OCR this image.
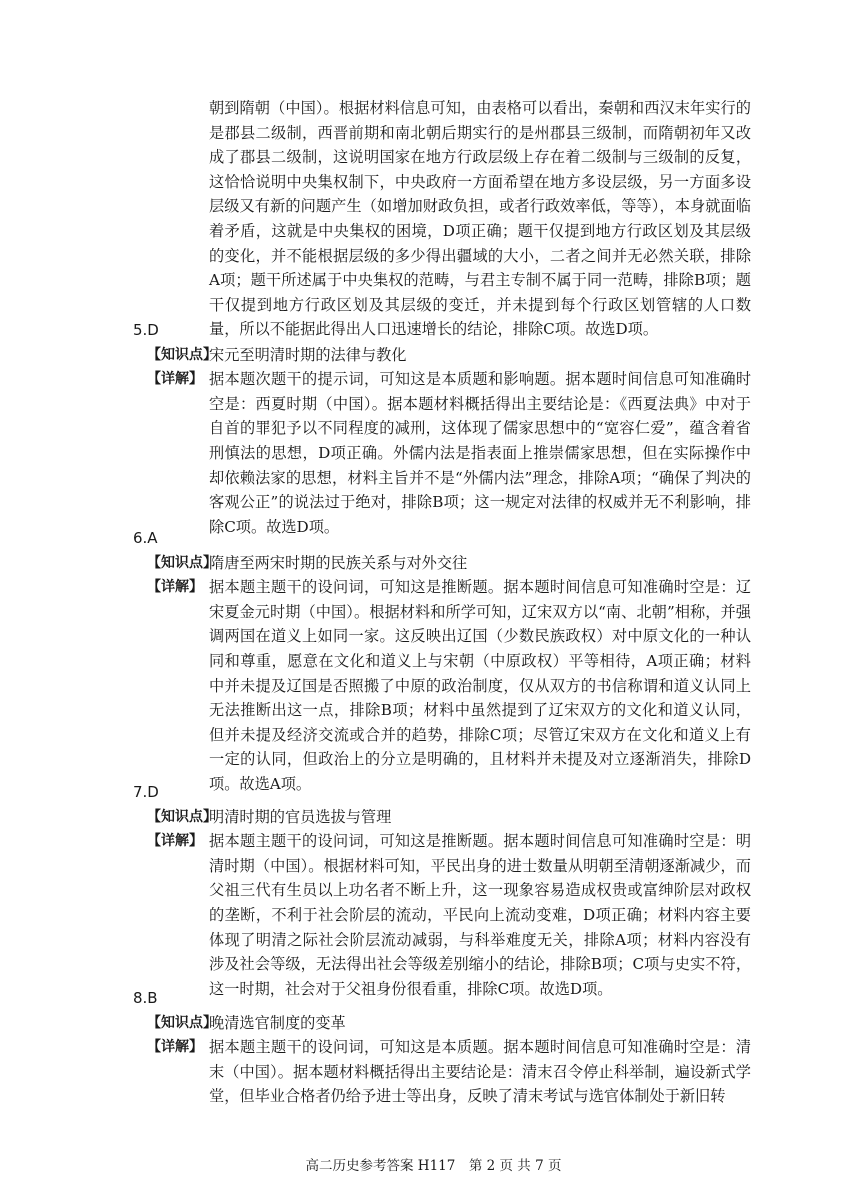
朝到隋朝（中国）。根据材料信息可知，由表格可以看出，秦朝和西汉末年实行的是郡县二级制，西晋前期和南北朝后期实行的是州郡县三级制，而隋朝初年又改成了郡县二级制，这说明国家在地方行政层级上存在着二级制与三级制的反复，这恰恰说明中央集权制下，中央政府一方面希望在地方多设层级，另一方面多设层级又有新的问题产生（如增加财政负担，或者行政效率低，等等），本身就面临着矛盾，这就是中央集权的困境，D项正确；题干仅提到地方行政区划及其层级的变化，并不能根据层级的多少得出疆域的大小，二者之间并无必然关联，排除A项；题干所述属于中央集权的范畴，与君主专制不属于同一范畴，排除B项；题干仅提到地方行政区划及其层级的变迁，并未提到每个行政区划管辖的人口数量，所以不能据此得出人口迅速增长的结论，排除C项。故选D项。
5.D
【知识点】
宋元至明清时期的法律与教化
【详解】 据本题次题干的提示词，可知这是本质题和影响题。据本题时间信息可知准确时空是：西夏时期（中国）。据本题材料概括得出主要结论是：《西夏法典》中对于自首的罪犯予以不同程度的减刑，这体现了儒家思想中的“宽容仁爱”，蕴含着省刑慎法的思想，D项正确。外儒内法是指表面上推崇儒家思想，但在实际操作中却依赖法家的思想，材料主旨并不是“外儒内法”理念，排除A项；“确保了判决的客观公正”的说法过于绝对，排除B项；这一规定对法律的权威并无不利影响，排除C项。故选D项。
6.A
【知识点】
隋唐至两宋时期的民族关系与对外交往
【详解】 据本题主题干的设问词，可知这是推断题。据本题时间信息可知准确时空是：辽宋夏金元时期（中国）。根据材料和所学可知，辽宋双方以“南、北朝”相称，并强调两国在道义上如同一家。这反映出辽国（少数民族政权）对中原文化的一种认同和尊重，愿意在文化和道义上与宋朝（中原政权）平等相待，A项正确；材料中并未提及辽国是否照搬了中原的政治制度，仅从双方的书信称谓和道义认同上无法推断出这一点，排除B项；材料中虽然提到了辽宋双方的文化和道义认同，但并未提及经济交流或合并的趋势，排除C项；尽管辽宋双方在文化和道义上有一定的认同，但政治上的分立是明确的，且材料并未提及对立逐渐消失，排除D项。故选A项。
7.D
【知识点】
明清时期的官员选拔与管理
【详解】 据本题主题干的设问词，可知这是推断题。据本题时间信息可知准确时空是：明清时期（中国）。根据材料可知，平民出身的进士数量从明朝至清朝逐渐减少，而父祖三代有生员以上功名者不断上升，这一现象容易造成权贵或富绅阶层对政权的垄断，不利于社会阶层的流动，平民向上流动变难，D项正确；材料内容主要体现了明清之际社会阶层流动减弱，与科举难度无关，排除A项；材料内容没有涉及社会等级，无法得出社会等级差别缩小的结论，排除B项；C项与史实不符，这一时期，社会对于父祖身份很看重，排除C项。故选D项。
8.B
【知识点】
晚清选官制度的变革
【详解】 据本题主题干的设问词，可知这是本质题。据本题时间信息可知准确时空是：清末（中国）。据本题材料概括得出主要结论是：清末召令停止科举制，遍设新式学堂，但毕业合格者仍给予进士等出身，反映了清末考试与选官体制处于新旧转
高二历史参考答案 H117　第 2 页 共 7 页
